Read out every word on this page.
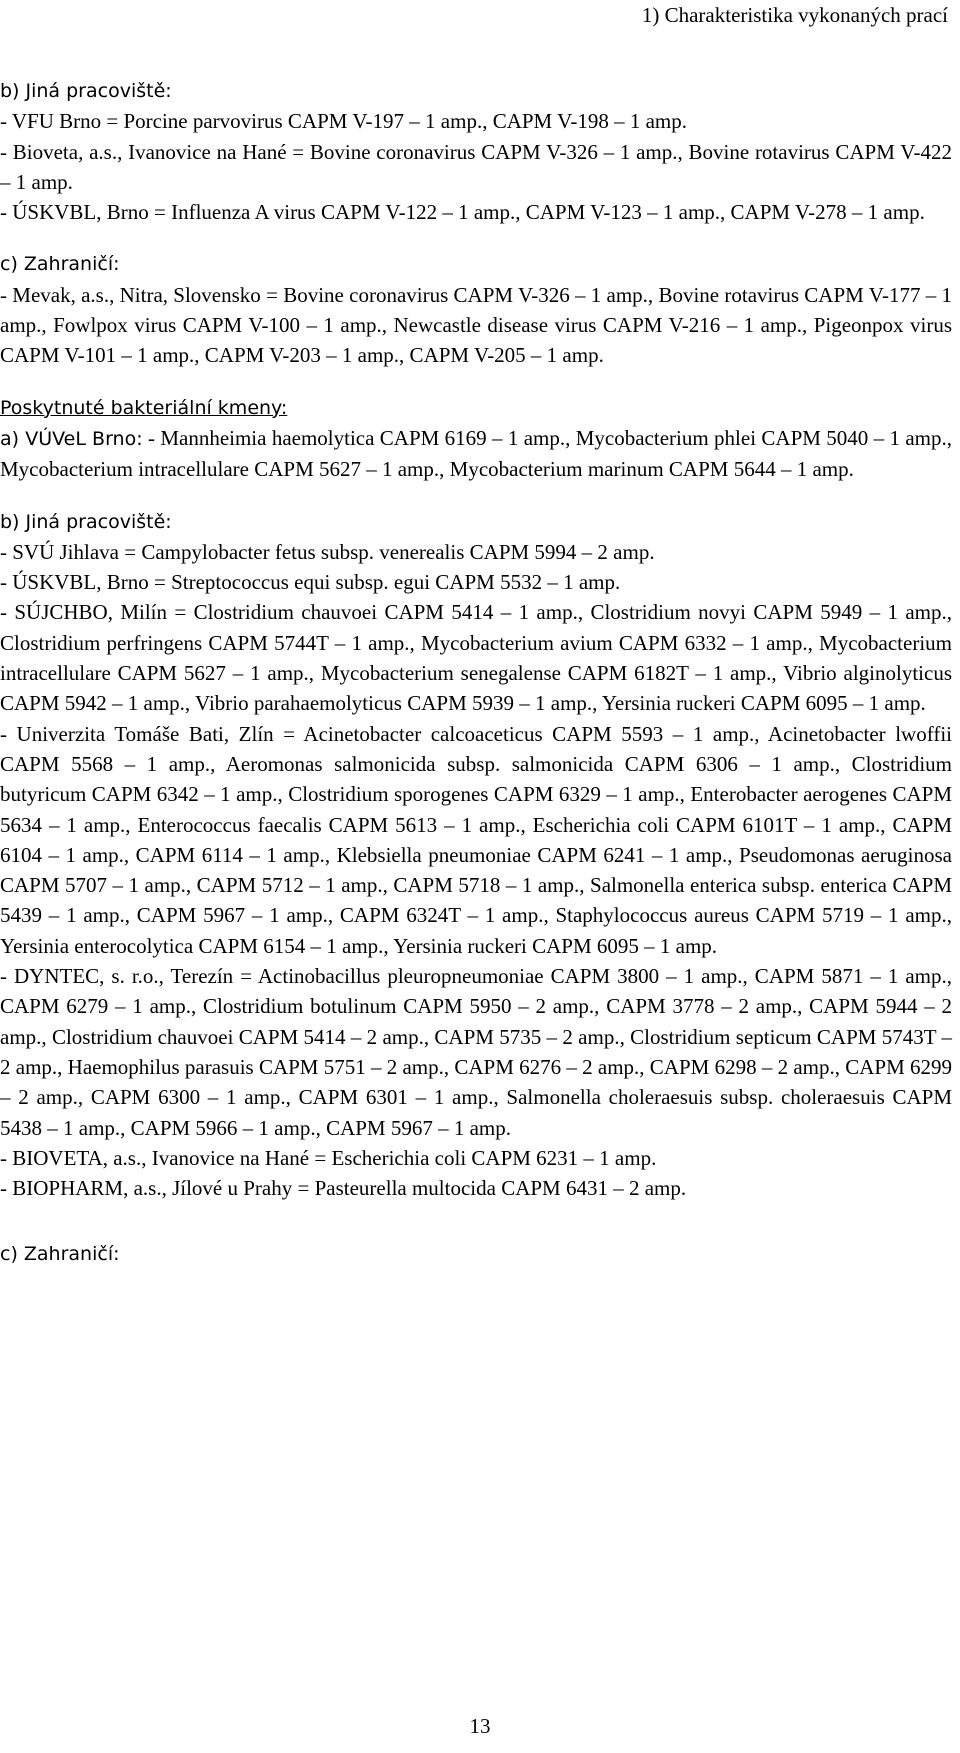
1) Charakteristika vykonaných prací

b) Jiná pracoviště:

- VFU Brno = Porcine parvovirus CAPM V-197 – 1 amp., CAPM V-198 – 1 amp.

- Bioveta, a.s., Ivanovice na Hané = Bovine coronavirus CAPM V-326 – 1 amp., Bovine rotavirus CAPM V-422 – 1 amp.

- ÚSKVBL, Brno = Influenza A virus CAPM V-122 – 1 amp., CAPM V-123 – 1 amp., CAPM V-278 – 1 amp.

c) Zahraničí:

- Mevak, a.s., Nitra, Slovensko = Bovine coronavirus CAPM V-326 – 1 amp., Bovine rotavirus CAPM V-177 – 1 amp., Fowlpox virus CAPM V-100 – 1 amp., Newcastle disease virus CAPM V-216 – 1 amp., Pigeonpox virus CAPM V-101 – 1 amp., CAPM V-203 – 1 amp., CAPM V-205 – 1 amp.

Poskytnuté bakteriální kmeny:

a) VÚVeL Brno: - Mannheimia haemolytica CAPM 6169 – 1 amp., Mycobacterium phlei CAPM 5040 – 1 amp., Mycobacterium intracellulare CAPM 5627 – 1 amp., Mycobacterium marinum CAPM 5644 – 1 amp.

b) Jiná pracoviště:

- SVÚ Jihlava = Campylobacter fetus subsp. venerealis CAPM 5994 – 2 amp.

- ÚSKVBL, Brno = Streptococcus equi subsp. egui CAPM 5532 – 1 amp.

- SÚJCHBO, Milín = Clostridium chauvoei CAPM 5414 – 1 amp., Clostridium novyi CAPM 5949 – 1 amp., Clostridium perfringens CAPM 5744T – 1 amp., Mycobacterium avium CAPM 6332 – 1 amp., Mycobacterium intracellulare CAPM 5627 – 1 amp., Mycobacterium senegalense CAPM 6182T – 1 amp., Vibrio alginolyticus CAPM 5942 – 1 amp., Vibrio parahaemolyticus CAPM 5939 – 1 amp., Yersinia ruckeri CAPM 6095 – 1 amp.

- Univerzita Tomáše Bati, Zlín = Acinetobacter calcoaceticus CAPM 5593 – 1 amp., Acinetobacter lwoffii CAPM 5568 – 1 amp., Aeromonas salmonicida subsp. salmonicida CAPM 6306 – 1 amp., Clostridium butyricum CAPM 6342 – 1 amp., Clostridium sporogenes CAPM 6329 – 1 amp., Enterobacter aerogenes CAPM 5634 – 1 amp., Enterococcus faecalis CAPM 5613 – 1 amp., Escherichia coli CAPM 6101T – 1 amp., CAPM 6104 – 1 amp., CAPM 6114 – 1 amp., Klebsiella pneumoniae CAPM 6241 – 1 amp., Pseudomonas aeruginosa CAPM 5707 – 1 amp., CAPM 5712 – 1 amp., CAPM 5718 – 1 amp., Salmonella enterica subsp. enterica CAPM 5439 – 1 amp., CAPM 5967 – 1 amp., CAPM 6324T – 1 amp., Staphylococcus aureus CAPM 5719 – 1 amp., Yersinia enterocolytica CAPM 6154 – 1 amp., Yersinia ruckeri CAPM 6095 – 1 amp.

- DYNTEC, s. r.o., Terezín = Actinobacillus pleuropneumoniae CAPM 3800 – 1 amp., CAPM 5871 – 1 amp., CAPM 6279 – 1 amp., Clostridium botulinum CAPM 5950 – 2 amp., CAPM 3778 – 2 amp., CAPM 5944 – 2 amp., Clostridium chauvoei CAPM 5414 – 2 amp., CAPM 5735 – 2 amp., Clostridium septicum CAPM 5743T – 2 amp., Haemophilus parasuis CAPM 5751 – 2 amp., CAPM 6276 – 2 amp., CAPM 6298 – 2 amp., CAPM 6299 – 2 amp., CAPM 6300 – 1 amp., CAPM 6301 – 1 amp., Salmonella choleraesuis subsp. choleraesuis CAPM 5438 – 1 amp., CAPM 5966 – 1 amp., CAPM 5967 – 1 amp.

- BIOVETA, a.s., Ivanovice na Hané = Escherichia coli CAPM 6231 – 1 amp.

- BIOPHARM, a.s., Jílové u Prahy = Pasteurella multocida CAPM 6431 – 2 amp.

c) Zahraničí:

13
